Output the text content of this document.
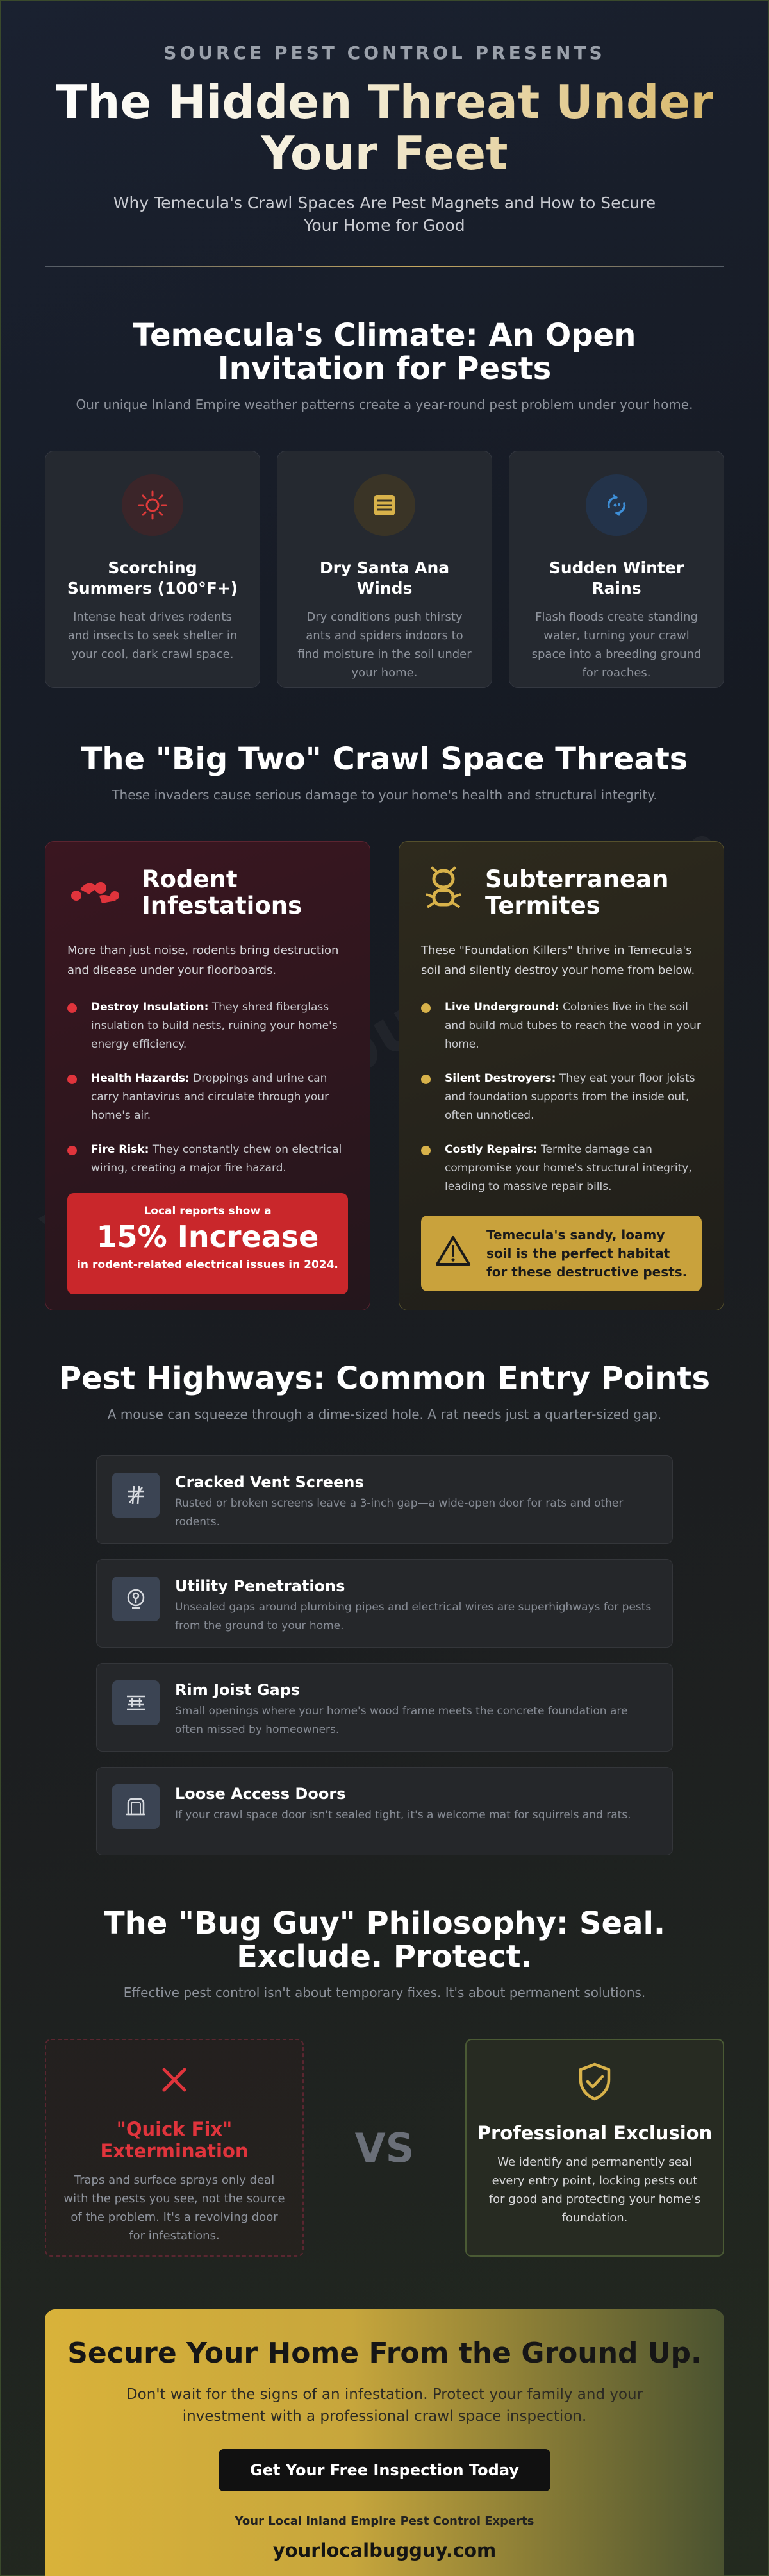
SOURCE PEST CONTROL PRESENTS
The Hidden Threat Under Your Feet

Why Temecula's Crawl Spaces Are Pest Magnets and How to Secure Your Home for Good

Temecula's Climate: An Open Invitation for Pests

Our unique Inland Empire weather patterns create a year-round pest problem under your home.

Scorching Summers (100°F+)

Intense heat drives rodents and insects to seek shelter in your cool, dark crawl space.

Dry Santa Ana Winds

Dry conditions push thirsty ants and spiders indoors to find moisture in the soil under your home.

Sudden Winter Rains

Flash floods create standing water, turning your crawl space into a breeding ground for roaches.

The "Big Two" Crawl Space Threats

These invaders cause serious damage to your home's health and structural integrity.

Rodent Infestations

More than just noise, rodents bring destruction and disease under your floorboards.

Destroy Insulation: They shred fiberglass insulation to build nests, ruining your home's energy efficiency.

Health Hazards: Droppings and urine can carry hantavirus and circulate through your home's air.

Fire Risk: They constantly chew on electrical wiring, creating a major fire hazard.

Local reports show a
15% Increase
in rodent-related electrical issues in 2024.
Subterranean Termites

These "Foundation Killers" thrive in Temecula's soil and silently destroy your home from below.

Live Underground: Colonies live in the soil and build mud tubes to reach the wood in your home.

Silent Destroyers: They eat your floor joists and foundation supports from the inside out, often unnoticed.

Costly Repairs: Termite damage can compromise your home's structural integrity, leading to massive repair bills.

Temecula's sandy, loamy soil is the perfect habitat for these destructive pests.
Pest Highways: Common Entry Points

A mouse can squeeze through a dime-sized hole. A rat needs just a quarter-sized gap.

Cracked Vent Screens

Rusted or broken screens leave a 3-inch gap—a wide-open door for rats and other rodents.

Utility Penetrations

Unsealed gaps around plumbing pipes and electrical wires are superhighways for pests from the ground to your home.

Rim Joist Gaps

Small openings where your home's wood frame meets the concrete foundation are often missed by homeowners.

Loose Access Doors

If your crawl space door isn't sealed tight, it's a welcome mat for squirrels and rats.

The "Bug Guy" Philosophy: Seal. Exclude. Protect.

Effective pest control isn't about temporary fixes. It's about permanent solutions.

"Quick Fix" Extermination

Traps and surface sprays only deal with the pests you see, not the source of the problem. It's a revolving door for infestations.

VS	Professional Exclusion

We identify and permanently seal every entry point, locking pests out for good and protecting your home's foundation.

Secure Your Home From the Ground Up.

Don't wait for the signs of an infestation. Protect your family and your investment with a professional crawl space inspection.

Get Your Free Inspection Today
Your Local Inland Empire Pest Control Experts
yourlocalbugguy.com
